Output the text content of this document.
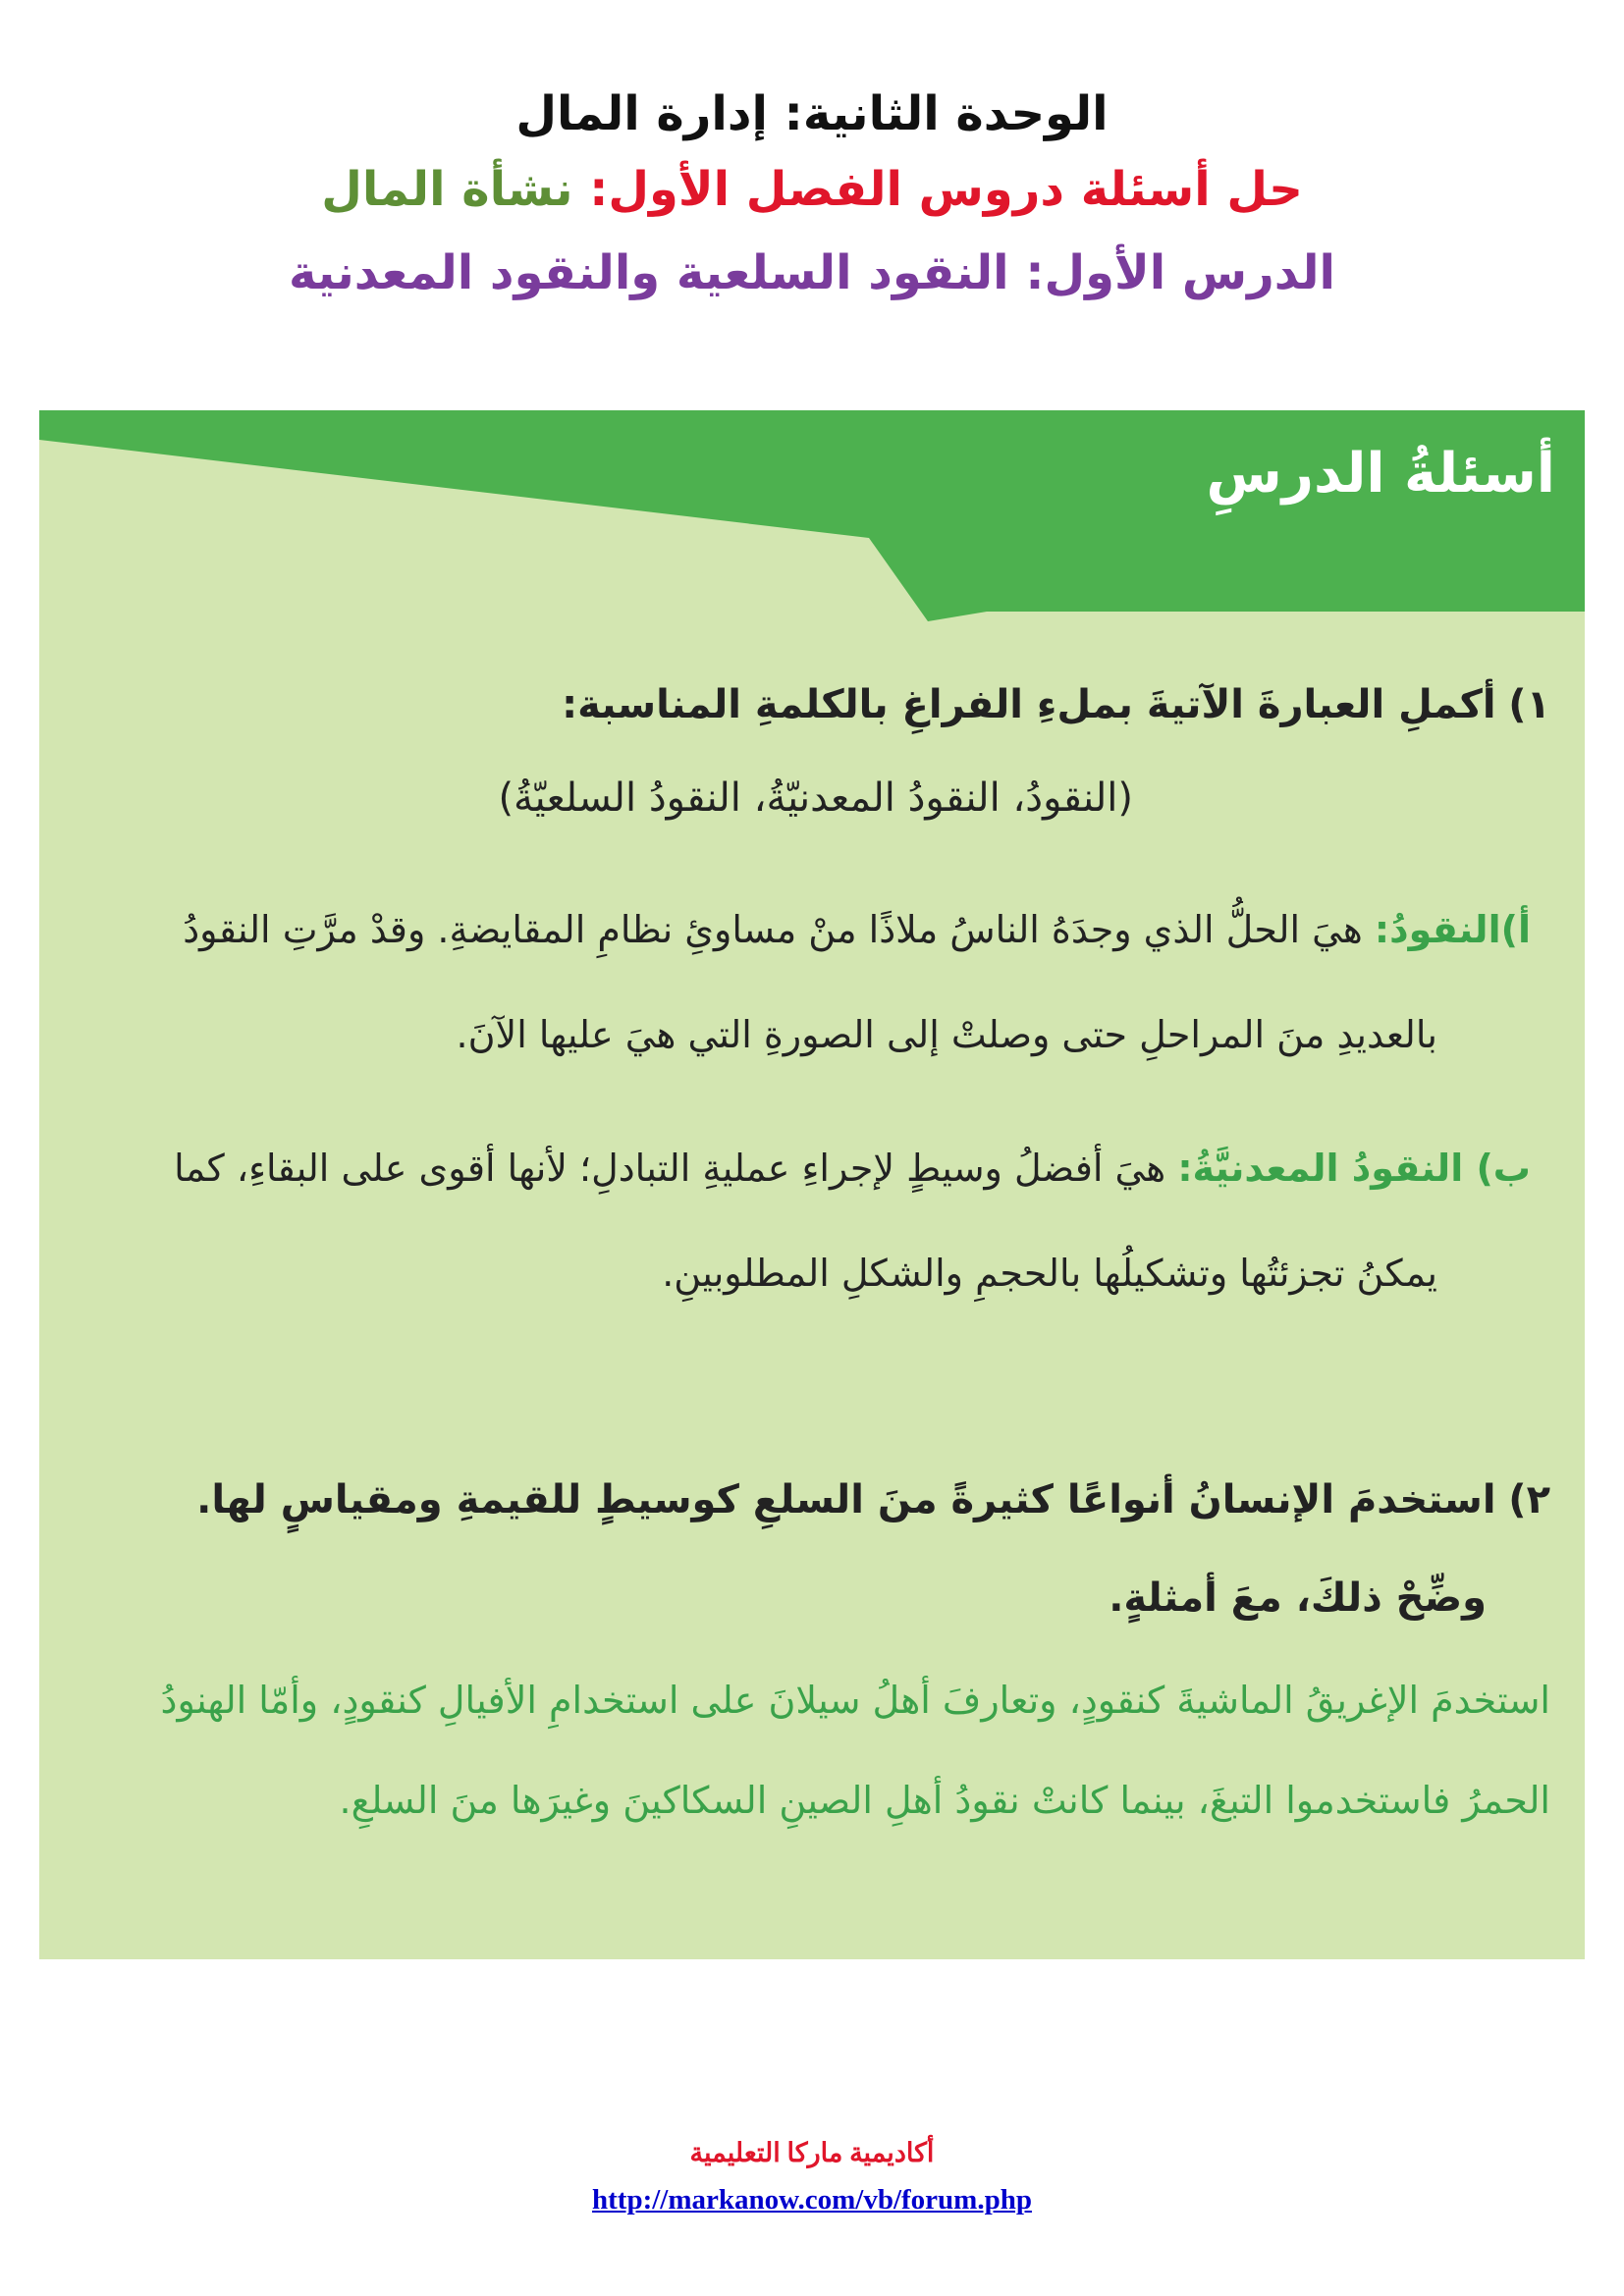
الوحدة الثانية: إدارة المال
حل أسئلة دروس الفصل الأول: نشأة المال
الدرس الأول: النقود السلعية والنقود المعدنية
أسئلةُ الدرسِ
١) أكملِ العبارةَ الآتيةَ بملءِ الفراغِ بالكلمةِ المناسبة:
(النقودُ، النقودُ المعدنيّةُ، النقودُ السلعيّةُ)
أ)النقودُ: هيَ الحلُّ الذي وجدَهُ الناسُ ملاذًا منْ مساوئِ نظامِ المقايضةِ. وقدْ مرَّتِ النقودُ
بالعديدِ منَ المراحلِ حتى وصلتْ إلى الصورةِ التي هيَ عليها الآنَ.
ب) النقودُ المعدنيَّةُ: هيَ أفضلُ وسيطٍ لإجراءِ عمليةِ التبادلِ؛ لأنها أقوى على البقاءِ، كما
يمكنُ تجزئتُها وتشكيلُها بالحجمِ والشكلِ المطلوبينِ.
٢) استخدمَ الإنسانُ أنواعًا كثيرةً منَ السلعِ كوسيطٍ للقيمةِ ومقياسٍ لها.
وضِّحْ ذلكَ، معَ أمثلةٍ.
استخدمَ الإغريقُ الماشيةَ كنقودٍ، وتعارفَ أهلُ سيلانَ على استخدامِ الأفيالِ كنقودٍ، وأمّا الهنودُ
الحمرُ فاستخدموا التبغَ، بينما كانتْ نقودُ أهلِ الصينِ السكاكينَ وغيرَها منَ السلعِ.
أكاديمية ماركا التعليمية
http://markanow.com/vb/forum.php
